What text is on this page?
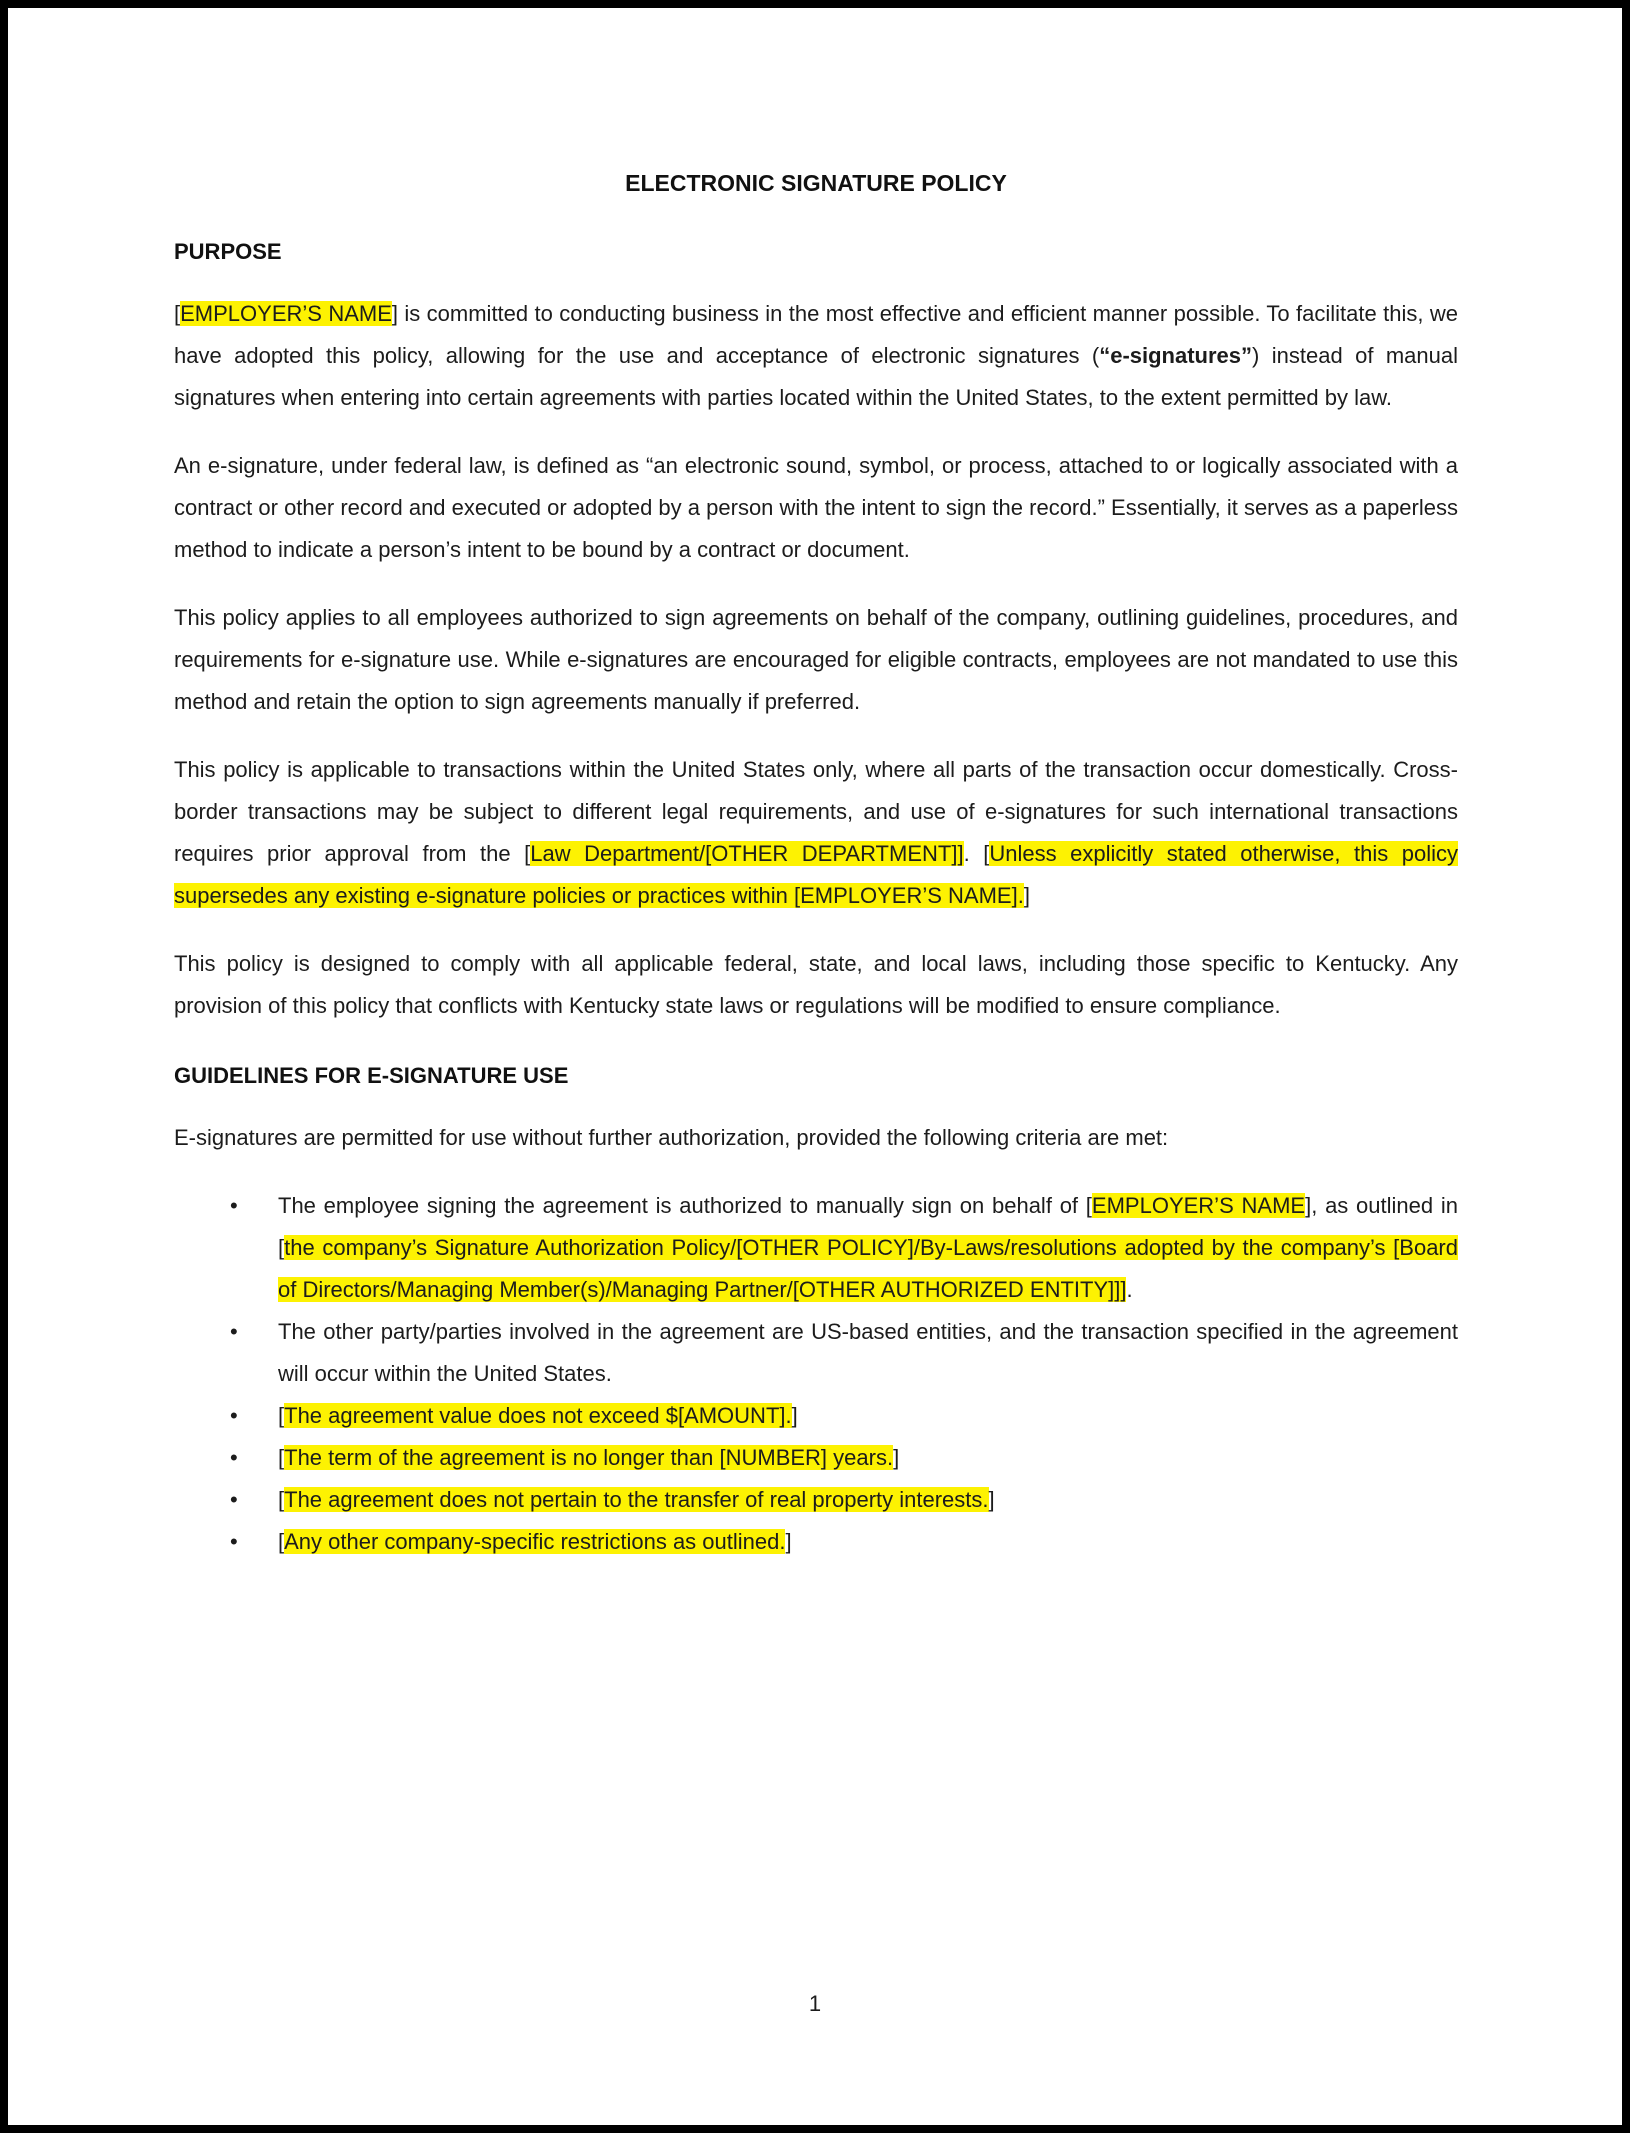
ELECTRONIC SIGNATURE POLICY
PURPOSE

[EMPLOYER’S NAME] is committed to conducting business in the most effective and efficient manner possible. To facilitate this, we have adopted this policy, allowing for the use and acceptance of electronic signatures (“e-signatures”) instead of manual signatures when entering into certain agreements with parties located within the United States, to the extent permitted by law.

An e-signature, under federal law, is defined as “an electronic sound, symbol, or process, attached to or logically associated with a contract or other record and executed or adopted by a person with the intent to sign the record.” Essentially, it serves as a paperless method to indicate a person’s intent to be bound by a contract or document.

This policy applies to all employees authorized to sign agreements on behalf of the company, outlining guidelines, procedures, and requirements for e-signature use. While e-signatures are encouraged for eligible contracts, employees are not mandated to use this method and retain the option to sign agreements manually if preferred.

This policy is applicable to transactions within the United States only, where all parts of the transaction occur domestically. Cross-border transactions may be subject to different legal requirements, and use of e-signatures for such international transactions requires prior approval from the [Law Department/[OTHER DEPARTMENT]]. [Unless explicitly stated otherwise, this policy supersedes any existing e-signature policies or practices within [EMPLOYER’S NAME].]

This policy is designed to comply with all applicable federal, state, and local laws, including those specific to Kentucky. Any provision of this policy that conflicts with Kentucky state laws or regulations will be modified to ensure compliance.

GUIDELINES FOR E-SIGNATURE USE

E-signatures are permitted for use without further authorization, provided the following criteria are met:

• The employee signing the agreement is authorized to manually sign on behalf of [EMPLOYER’S NAME], as outlined in [the company’s Signature Authorization Policy/[OTHER POLICY]/By-Laws/resolutions adopted by the company’s [Board of Directors/Managing Member(s)/Managing Partner/[OTHER AUTHORIZED ENTITY]]].
• The other party/parties involved in the agreement are US-based entities, and the transaction specified in the agreement will occur within the United States.
• [The agreement value does not exceed $[AMOUNT].]
• [The term of the agreement is no longer than [NUMBER] years.]
• [The agreement does not pertain to the transfer of real property interests.]
• [Any other company-specific restrictions as outlined.]
1
